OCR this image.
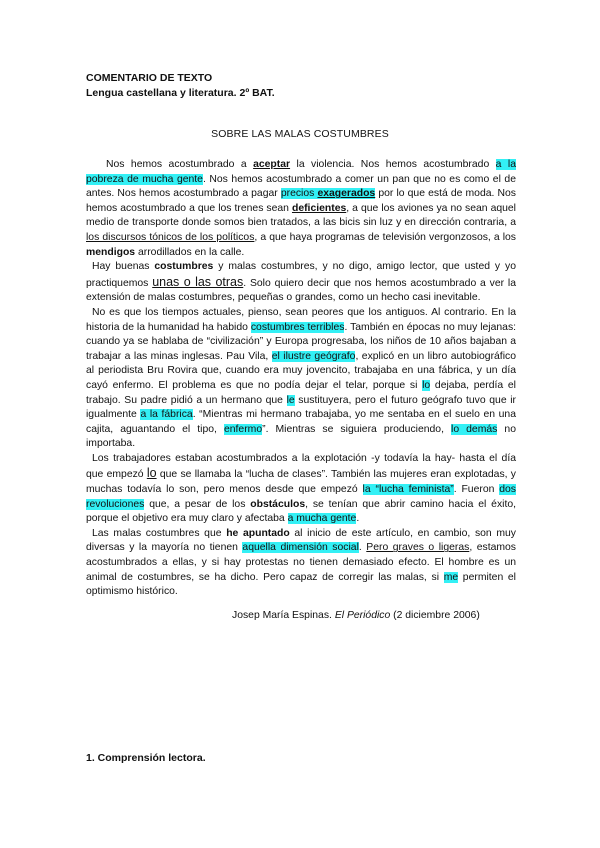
COMENTARIO DE TEXTO
Lengua castellana y literatura. 2º BAT.
SOBRE LAS MALAS COSTUMBRES

Nos hemos acostumbrado a aceptar la violencia. Nos hemos acostumbrado a la pobreza de mucha gente. Nos hemos acostumbrado a comer un pan que no es como el de antes. Nos hemos acostumbrado a pagar precios exagerados por lo que está de moda. Nos hemos acostumbrado a que los trenes sean deficientes, a que los aviones ya no sean aquel medio de transporte donde somos bien tratados, a las bicis sin luz y en dirección contraria, a los discursos tónicos de los políticos, a que haya programas de televisión vergonzosos, a los mendigos arrodillados en la calle.

Hay buenas costumbres y malas costumbres, y no digo, amigo lector, que usted y yo practiquemos unas o las otras. Solo quiero decir que nos hemos acostumbrado a ver la extensión de malas costumbres, pequeñas o grandes, como un hecho casi inevitable.

No es que los tiempos actuales, pienso, sean peores que los antiguos. Al contrario. En la historia de la humanidad ha habido costumbres terribles. También en épocas no muy lejanas: cuando ya se hablaba de “civilización” y Europa progresaba, los niños de 10 años bajaban a trabajar a las minas inglesas. Pau Vila, el ilustre geógrafo, explicó en un libro autobiográfico al periodista Bru Rovira que, cuando era muy jovencito, trabajaba en una fábrica, y un día cayó enfermo. El problema es que no podía dejar el telar, porque si lo dejaba, perdía el trabajo. Su padre pidió a un hermano que le sustituyera, pero el futuro geógrafo tuvo que ir igualmente a la fábrica. “Mientras mi hermano trabajaba, yo me sentaba en el suelo en una cajita, aguantando el tipo, enfermo”. Mientras se siguiera produciendo, lo demás no importaba.

Los trabajadores estaban acostumbrados a la explotación -y todavía la hay- hasta el día que empezó lo que se llamaba la “lucha de clases”. También las mujeres eran explotadas, y muchas todavía lo son, pero menos desde que empezó la “lucha feminista”. Fueron dos revoluciones que, a pesar de los obstáculos, se tenían que abrir camino hacia el éxito, porque el objetivo era muy claro y afectaba a mucha gente.

Las malas costumbres que he apuntado al inicio de este artículo, en cambio, son muy diversas y la mayoría no tienen aquella dimensión social. Pero graves o ligeras, estamos acostumbrados a ellas, y si hay protestas no tienen demasiado efecto. El hombre es un animal de costumbres, se ha dicho. Pero capaz de corregir las malas, si me permiten el optimismo histórico.

Josep María Espinas. El Periódico (2 diciembre 2006)
1. Comprensión lectora.
